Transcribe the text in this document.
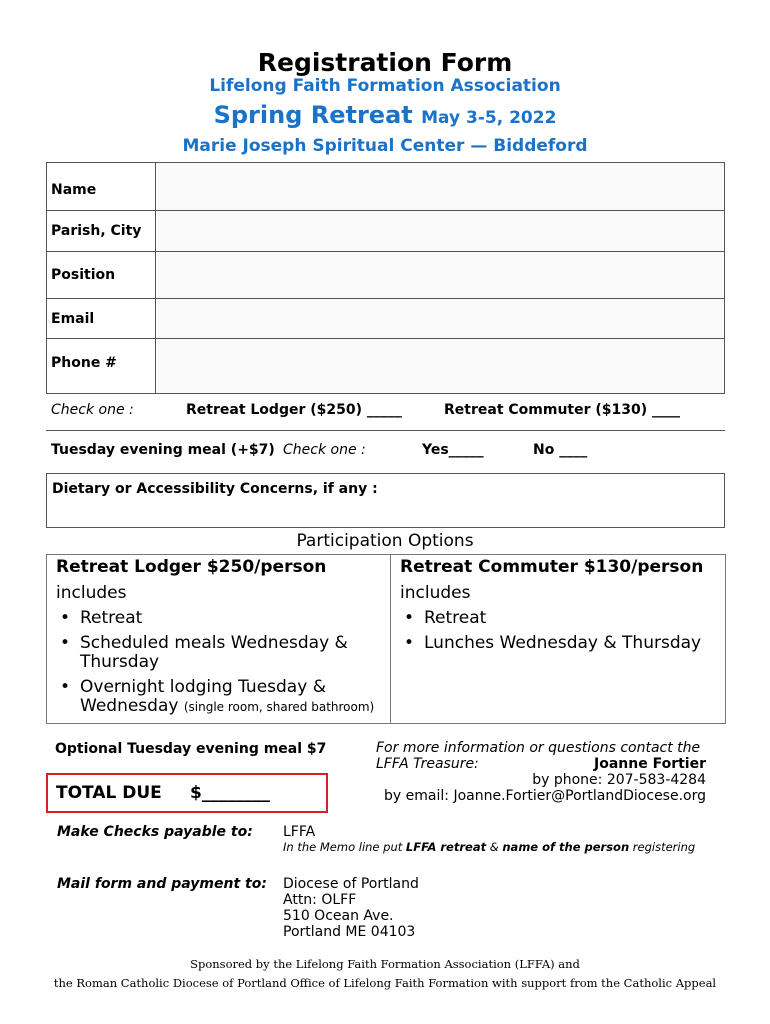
Registration Form
Lifelong Faith Formation Association
Spring Retreat May 3-5, 2022
Marie Joseph Spiritual Center — Biddeford
Name	
Parish, City	
Position	
Email	
Phone #	
Check one :	Retreat Lodger ($250) _____	Retreat Commuter ($130) ____
Tuesday evening meal (+$7) Check one :	Yes_____	No ____
Dietary or Accessibility Concerns, if any :
Participation Options
Retreat Lodger $250/person
includes
• Retreat
• Scheduled meals Wednesday & Thursday
• Overnight lodging Tuesday & Wednesday (single room, shared bathroom)
Retreat Commuter $130/person
includes
• Retreat
• Lunches Wednesday & Thursday
Optional Tuesday evening meal $7
TOTAL DUE $________
For more information or questions contact the
LFFA Treasure:	Joanne Fortier
by phone: 207-583-4284
by email: Joanne.Fortier@PortlandDiocese.org
Make Checks payable to: LFFA
In the Memo line put LFFA retreat & name of the person registering
Mail form and payment to: Diocese of Portland
Attn: OLFF
510 Ocean Ave.
Portland ME 04103
Sponsored by the Lifelong Faith Formation Association (LFFA) and
the Roman Catholic Diocese of Portland Office of Lifelong Faith Formation with support from the Catholic Appeal
